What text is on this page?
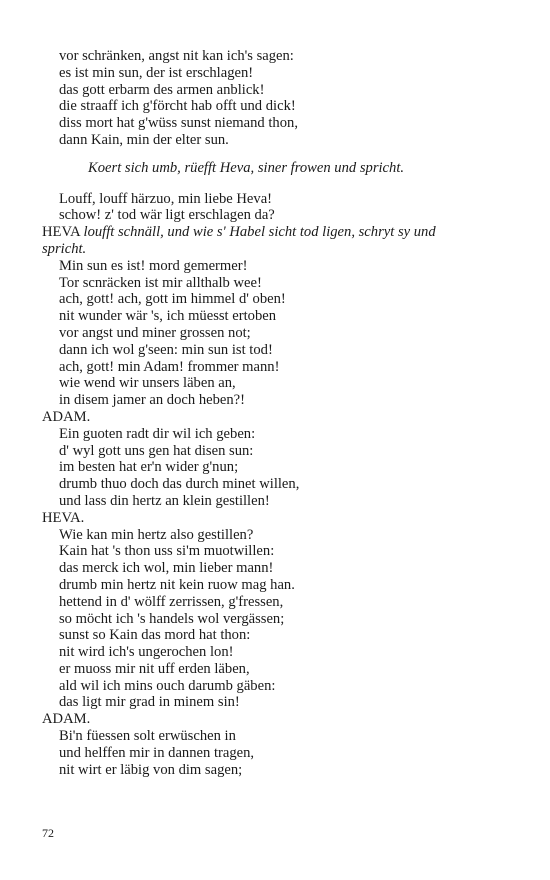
vor schränken, angst nit kan ich's sagen:
es ist min sun, der ist erschlagen!
das gott erbarm des armen anblick!
die straaff ich g'förcht hab offt und dick!
diss mort hat g'wüss sunst niemand thon,
dann Kain, min der elter sun.
Koert sich umb, rüefft Heva, siner frowen und spricht.
Louff, louff härzuo, min liebe Heva!
schow! z' tod wär ligt erschlagen da?
HEVA loufft schnäll, und wie s' Habel sicht tod ligen, schryt sy und
spricht.
Min sun es ist! mord gemermer!
Tor scnräcken ist mir allthalb wee!
ach, gott! ach, gott im himmel d' oben!
nit wunder wär 's, ich müesst ertoben
vor angst und miner grossen not;
dann ich wol g'seen: min sun ist tod!
ach, gott! min Adam! frommer mann!
wie wend wir unsers läben an,
in disem jamer an doch heben?!
ADAM.
Ein guoten radt dir wil ich geben:
d' wyl gott uns gen hat disen sun:
im besten hat er'n wider g'nun;
drumb thuo doch das durch minet willen,
und lass din hertz an klein gestillen!
HEVA.
Wie kan min hertz also gestillen?
Kain hat 's thon uss si'm muotwillen:
das merck ich wol, min lieber mann!
drumb min hertz nit kein ruow mag han.
hettend in d' wölff zerrissen, g'fressen,
so möcht ich 's handels wol vergässen;
sunst so Kain das mord hat thon:
nit wird ich's ungerochen lon!
er muoss mir nit uff erden läben,
ald wil ich mins ouch darumb gäben:
das ligt mir grad in minem sin!
ADAM.
Bi'n füessen solt erwüschen in
und helffen mir in dannen tragen,
nit wirt er läbig von dim sagen;
72
